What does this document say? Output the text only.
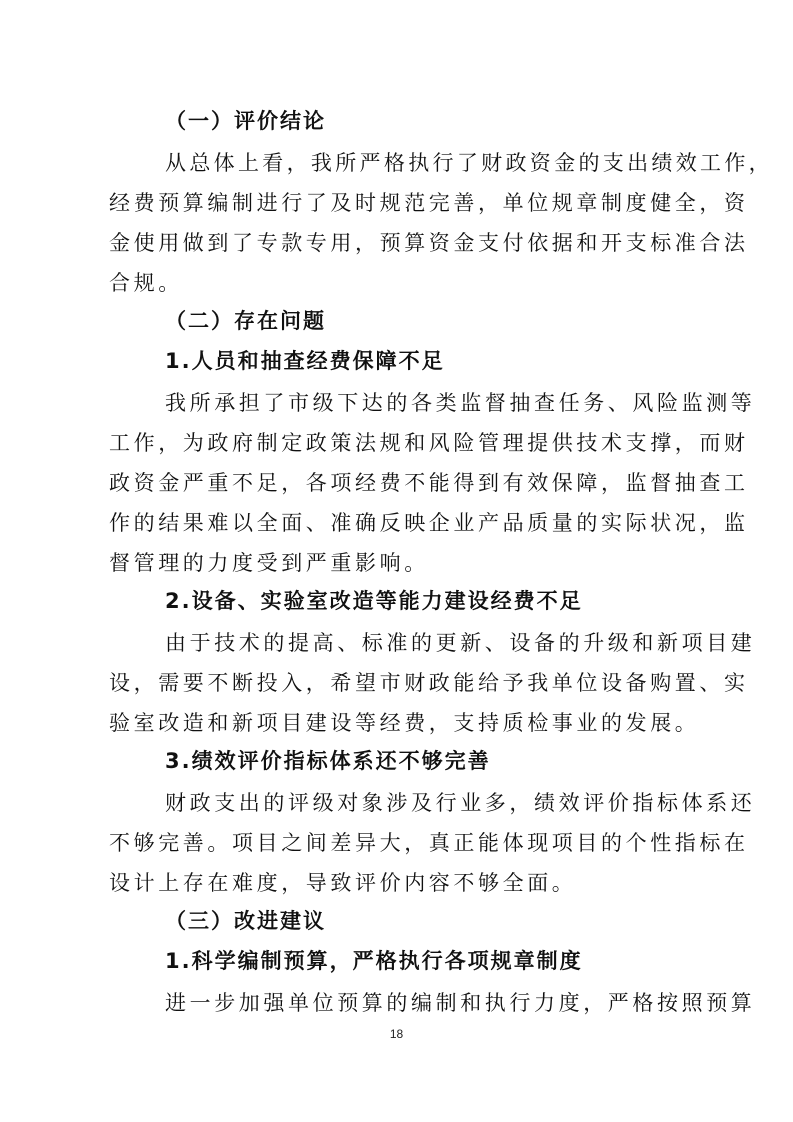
（一）评价结论
从总体上看，我所严格执行了财政资金的支出绩效工作，
经费预算编制进行了及时规范完善，单位规章制度健全，资
金使用做到了专款专用，预算资金支付依据和开支标准合法
合规。
（二）存在问题
1.人员和抽查经费保障不足
我所承担了市级下达的各类监督抽查任务、风险监测等
工作，为政府制定政策法规和风险管理提供技术支撑，而财
政资金严重不足，各项经费不能得到有效保障，监督抽查工
作的结果难以全面、准确反映企业产品质量的实际状况，监
督管理的力度受到严重影响。
2.设备、实验室改造等能力建设经费不足
由于技术的提高、标准的更新、设备的升级和新项目建
设，需要不断投入，希望市财政能给予我单位设备购置、实
验室改造和新项目建设等经费，支持质检事业的发展。
3.绩效评价指标体系还不够完善
财政支出的评级对象涉及行业多，绩效评价指标体系还
不够完善。项目之间差异大，真正能体现项目的个性指标在
设计上存在难度，导致评价内容不够全面。
（三）改进建议
1.科学编制预算，严格执行各项规章制度
进一步加强单位预算的编制和执行力度，严格按照预算
18
